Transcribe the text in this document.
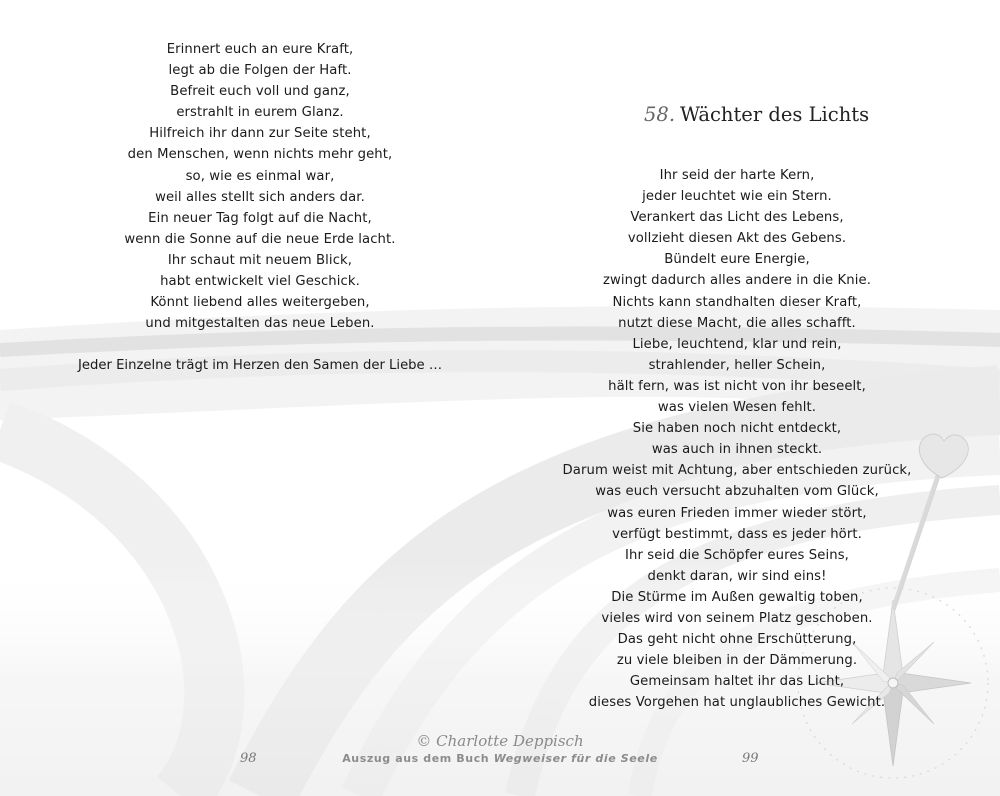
Erinnert euch an eure Kraft,
legt ab die Folgen der Haft.
Befreit euch voll und ganz,
erstrahlt in eurem Glanz.
Hilfreich ihr dann zur Seite steht,
den Menschen, wenn nichts mehr geht,
so, wie es einmal war,
weil alles stellt sich anders dar.
Ein neuer Tag folgt auf die Nacht,
wenn die Sonne auf die neue Erde lacht.
Ihr schaut mit neuem Blick,
habt entwickelt viel Geschick.
Könnt liebend alles weitergeben,
und mitgestalten das neue Leben.

Jeder Einzelne trägt im Herzen den Samen der Liebe …

58. Wächter des Lichts
Ihr seid der harte Kern,
jeder leuchtet wie ein Stern.
Verankert das Licht des Lebens,
vollzieht diesen Akt des Gebens.
Bündelt eure Energie,
zwingt dadurch alles andere in die Knie.
Nichts kann standhalten dieser Kraft,
nutzt diese Macht, die alles schafft.
Liebe, leuchtend, klar und rein,
strahlender, heller Schein,
hält fern, was ist nicht von ihr beseelt,
was vielen Wesen fehlt.
Sie haben noch nicht entdeckt,
was auch in ihnen steckt.
Darum weist mit Achtung, aber entschieden zurück,
was euch versucht abzuhalten vom Glück,
was euren Frieden immer wieder stört,
verfügt bestimmt, dass es jeder hört.
Ihr seid die Schöpfer eures Seins,
denkt daran, wir sind eins!
Die Stürme im Außen gewaltig toben,
vieles wird von seinem Platz geschoben.
Das geht nicht ohne Erschütterung,
zu viele bleiben in der Dämmerung.
Gemeinsam haltet ihr das Licht,
dieses Vorgehen hat unglaubliches Gewicht.

98	99

© Charlotte Deppisch

Auszug aus dem Buch Wegweiser für die Seele
